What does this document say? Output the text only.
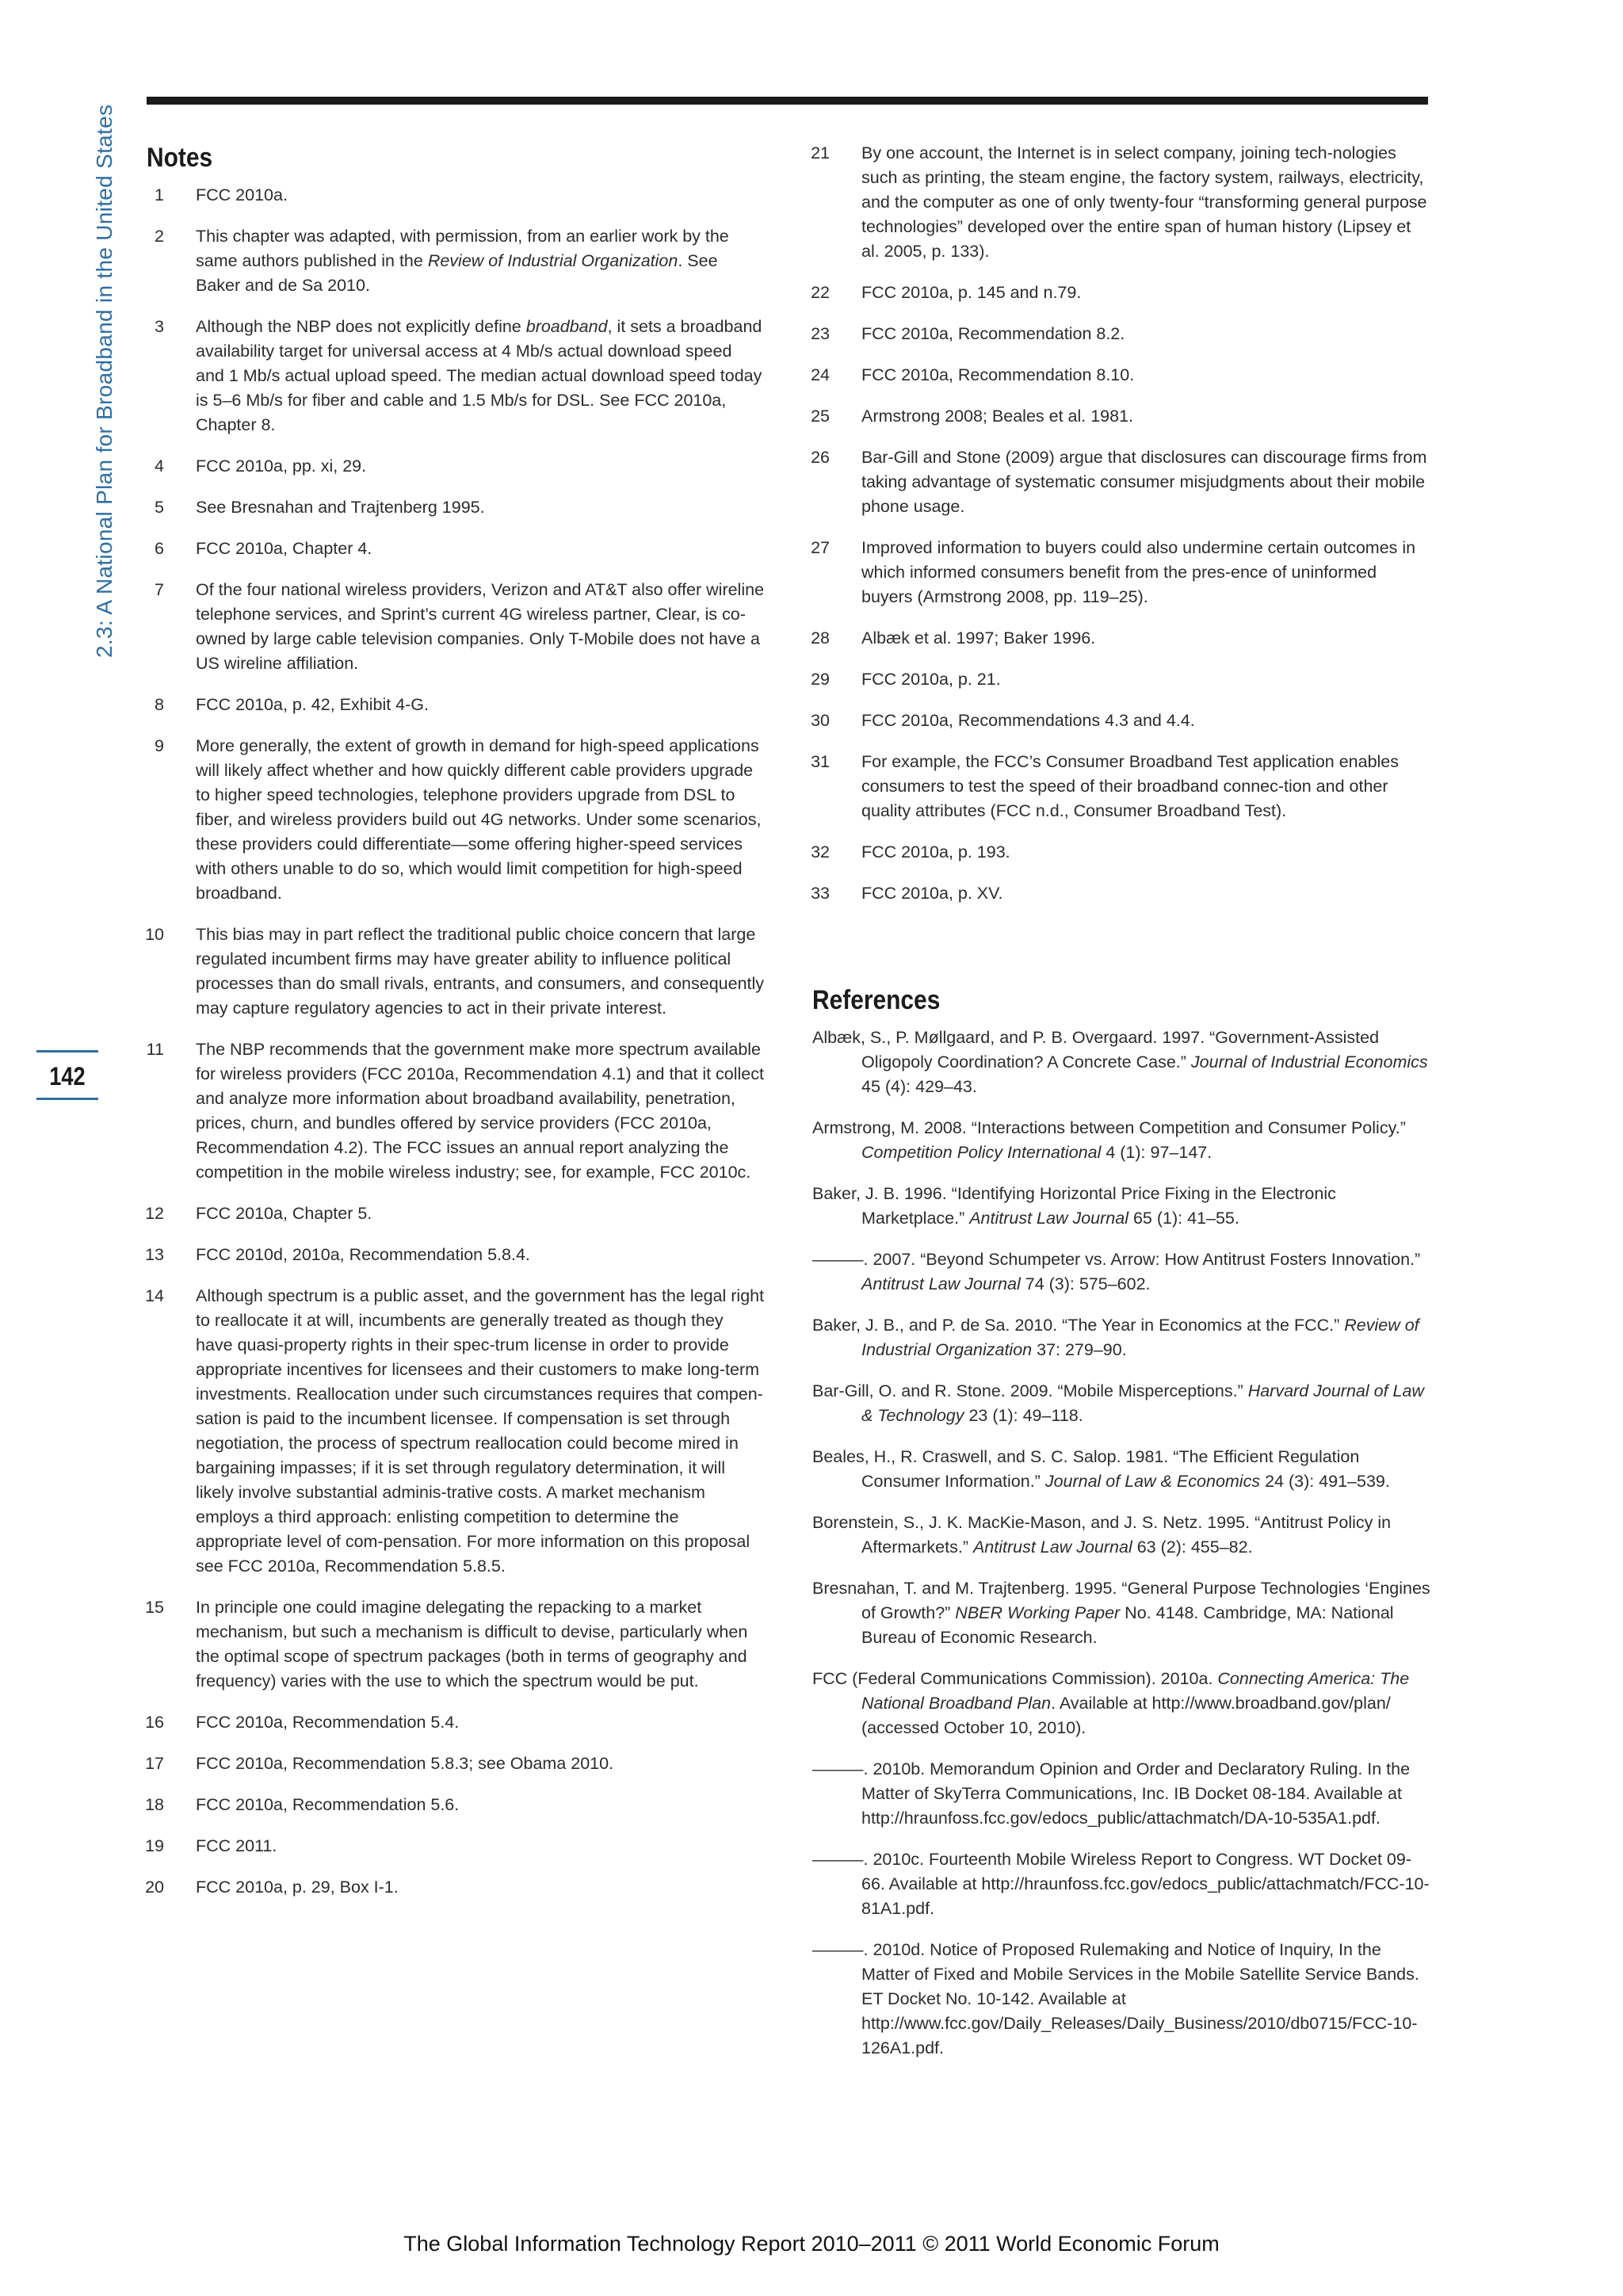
2.3: A National Plan for Broadband in the United States
142
Notes
1 FCC 2010a.
2 This chapter was adapted, with permission, from an earlier work by the same authors published in the Review of Industrial Organization. See Baker and de Sa 2010.
3 Although the NBP does not explicitly define broadband, it sets a broadband availability target for universal access at 4 Mb/s actual download speed and 1 Mb/s actual upload speed. The median actual download speed today is 5–6 Mb/s for fiber and cable and 1.5 Mb/s for DSL. See FCC 2010a, Chapter 8.
4 FCC 2010a, pp. xi, 29.
5 See Bresnahan and Trajtenberg 1995.
6 FCC 2010a, Chapter 4.
7 Of the four national wireless providers, Verizon and AT&T also offer wireline telephone services, and Sprint’s current 4G wireless partner, Clear, is co-owned by large cable television companies. Only T-Mobile does not have a US wireline affiliation.
8 FCC 2010a, p. 42, Exhibit 4-G.
9 More generally, the extent of growth in demand for high-speed applications will likely affect whether and how quickly different cable providers upgrade to higher speed technologies, telephone providers upgrade from DSL to fiber, and wireless providers build out 4G networks. Under some scenarios, these providers could differentiate—some offering higher-speed services with others unable to do so, which would limit competition for high-speed broadband.
10 This bias may in part reflect the traditional public choice concern that large regulated incumbent firms may have greater ability to influence political processes than do small rivals, entrants, and consumers, and consequently may capture regulatory agencies to act in their private interest.
11 The NBP recommends that the government make more spectrum available for wireless providers (FCC 2010a, Recommendation 4.1) and that it collect and analyze more information about broadband availability, penetration, prices, churn, and bundles offered by service providers (FCC 2010a, Recommendation 4.2). The FCC issues an annual report analyzing the competition in the mobile wireless industry; see, for example, FCC 2010c.
12 FCC 2010a, Chapter 5.
13 FCC 2010d, 2010a, Recommendation 5.8.4.
14 Although spectrum is a public asset, and the government has the legal right to reallocate it at will, incumbents are generally treated as though they have quasi-property rights in their spec-trum license in order to provide appropriate incentives for licensees and their customers to make long-term investments. Reallocation under such circumstances requires that compen-sation is paid to the incumbent licensee. If compensation is set through negotiation, the process of spectrum reallocation could become mired in bargaining impasses; if it is set through regulatory determination, it will likely involve substantial adminis-trative costs. A market mechanism employs a third approach: enlisting competition to determine the appropriate level of com-pensation. For more information on this proposal see FCC 2010a, Recommendation 5.8.5.
15 In principle one could imagine delegating the repacking to a market mechanism, but such a mechanism is difficult to devise, particularly when the optimal scope of spectrum packages (both in terms of geography and frequency) varies with the use to which the spectrum would be put.
16 FCC 2010a, Recommendation 5.4.
17 FCC 2010a, Recommendation 5.8.3; see Obama 2010.
18 FCC 2010a, Recommendation 5.6.
19 FCC 2011.
20 FCC 2010a, p. 29, Box I-1.
21 By one account, the Internet is in select company, joining tech-nologies such as printing, the steam engine, the factory system, railways, electricity, and the computer as one of only twenty-four “transforming general purpose technologies” developed over the entire span of human history (Lipsey et al. 2005, p. 133).
22 FCC 2010a, p. 145 and n.79.
23 FCC 2010a, Recommendation 8.2.
24 FCC 2010a, Recommendation 8.10.
25 Armstrong 2008; Beales et al. 1981.
26 Bar-Gill and Stone (2009) argue that disclosures can discourage firms from taking advantage of systematic consumer misjudgments about their mobile phone usage.
27 Improved information to buyers could also undermine certain outcomes in which informed consumers benefit from the pres-ence of uninformed buyers (Armstrong 2008, pp. 119–25).
28 Albæk et al. 1997; Baker 1996.
29 FCC 2010a, p. 21.
30 FCC 2010a, Recommendations 4.3 and 4.4.
31 For example, the FCC’s Consumer Broadband Test application enables consumers to test the speed of their broadband connec-tion and other quality attributes (FCC n.d., Consumer Broadband Test).
32 FCC 2010a, p. 193.
33 FCC 2010a, p. XV.
References
Albæk, S., P. Møllgaard, and P. B. Overgaard. 1997. “Government-Assisted Oligopoly Coordination? A Concrete Case.” Journal of Industrial Economics 45 (4): 429–43.
Armstrong, M. 2008. “Interactions between Competition and Consumer Policy.” Competition Policy International 4 (1): 97–147.
Baker, J. B. 1996. “Identifying Horizontal Price Fixing in the Electronic Marketplace.” Antitrust Law Journal 65 (1): 41–55.
———. 2007. “Beyond Schumpeter vs. Arrow: How Antitrust Fosters Innovation.” Antitrust Law Journal 74 (3): 575–602.
Baker, J. B., and P. de Sa. 2010. “The Year in Economics at the FCC.” Review of Industrial Organization 37: 279–90.
Bar-Gill, O. and R. Stone. 2009. “Mobile Misperceptions.” Harvard Journal of Law & Technology 23 (1): 49–118.
Beales, H., R. Craswell, and S. C. Salop. 1981. “The Efficient Regulation Consumer Information.” Journal of Law & Economics 24 (3): 491–539.
Borenstein, S., J. K. MacKie-Mason, and J. S. Netz. 1995. “Antitrust Policy in Aftermarkets.” Antitrust Law Journal 63 (2): 455–82.
Bresnahan, T. and M. Trajtenberg. 1995. “General Purpose Technologies ‘Engines of Growth?” NBER Working Paper No. 4148. Cambridge, MA: National Bureau of Economic Research.
FCC (Federal Communications Commission). 2010a. Connecting America: The National Broadband Plan. Available at http://www.broadband.gov/plan/ (accessed October 10, 2010).
———. 2010b. Memorandum Opinion and Order and Declaratory Ruling. In the Matter of SkyTerra Communications, Inc. IB Docket 08-184. Available at http://hraunfoss.fcc.gov/edocs_public/attachmatch/DA-10-535A1.pdf.
———. 2010c. Fourteenth Mobile Wireless Report to Congress. WT Docket 09-66. Available at http://hraunfoss.fcc.gov/edocs_public/attachmatch/FCC-10-81A1.pdf.
———. 2010d. Notice of Proposed Rulemaking and Notice of Inquiry, In the Matter of Fixed and Mobile Services in the Mobile Satellite Service Bands. ET Docket No. 10-142. Available at http://www.fcc.gov/Daily_Releases/Daily_Business/2010/db0715/FCC-10-126A1.pdf.
The Global Information Technology Report 2010–2011 © 2011 World Economic Forum
